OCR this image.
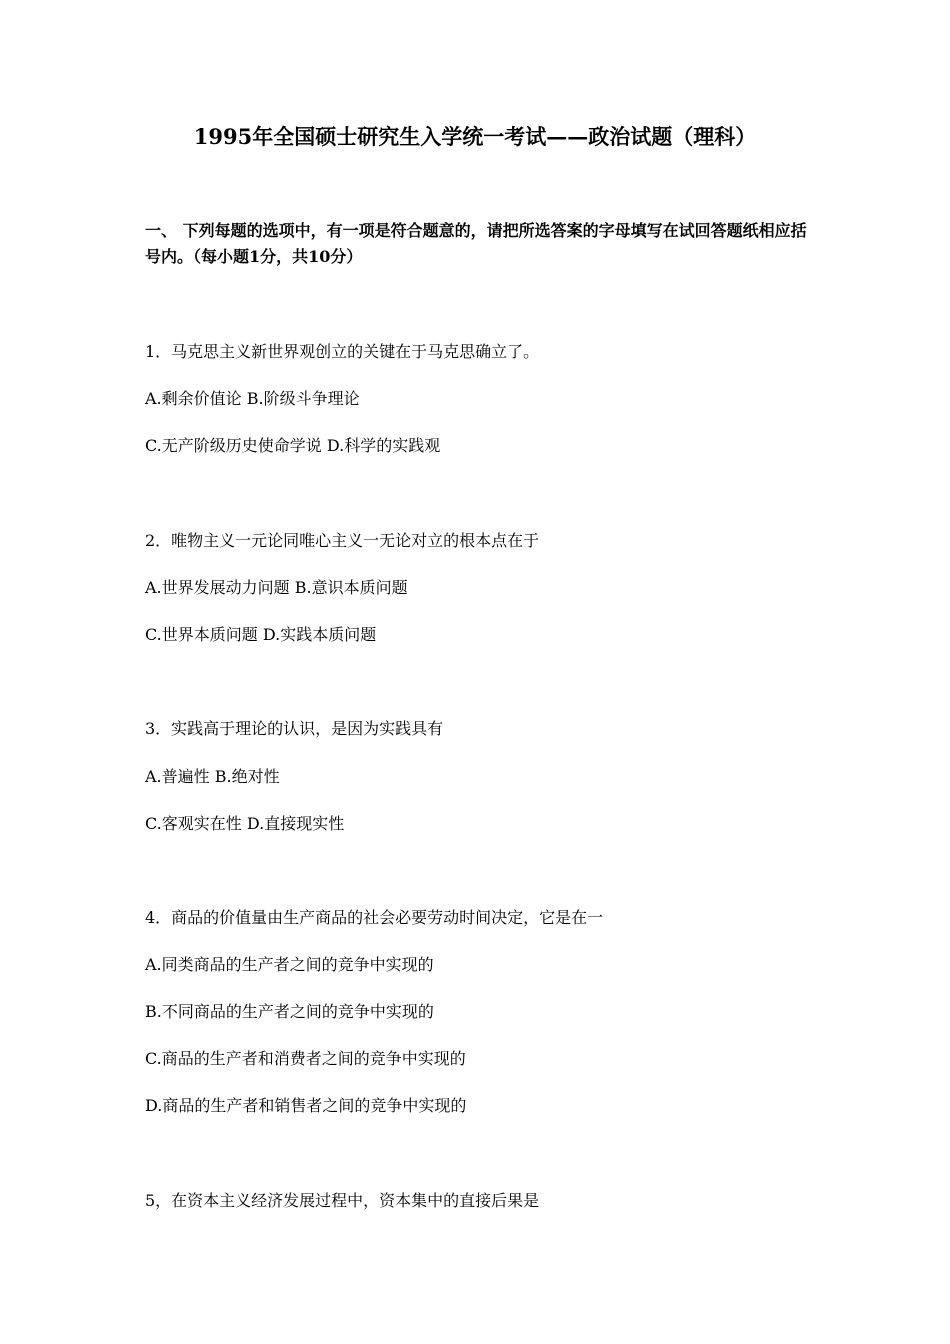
1995年全国硕士研究生入学统一考试——政治试题（理科）

一、 下列每题的选项中，有一项是符合题意的，请把所选答案的字母填写在试回答题纸相应括号内。（每小题1分，共10分）

1．马克思主义新世界观创立的关键在于马克思确立了。

A.剩余价值论 B.阶级斗争理论

C.无产阶级历史使命学说 D.科学的实践观

2．唯物主义一元论同唯心主义一无论对立的根本点在于

A.世界发展动力问题 B.意识本质问题

C.世界本质问题 D.实践本质问题

3．实践高于理论的认识，是因为实践具有

A.普遍性 B.绝对性

C.客观实在性 D.直接现实性

4．商品的价值量由生产商品的社会必要劳动时间决定，它是在一

A.同类商品的生产者之间的竞争中实现的

B.不同商品的生产者之间的竞争中实现的

C.商品的生产者和消费者之间的竞争中实现的

D.商品的生产者和销售者之间的竞争中实现的

5，在资本主义经济发展过程中，资本集中的直接后果是
